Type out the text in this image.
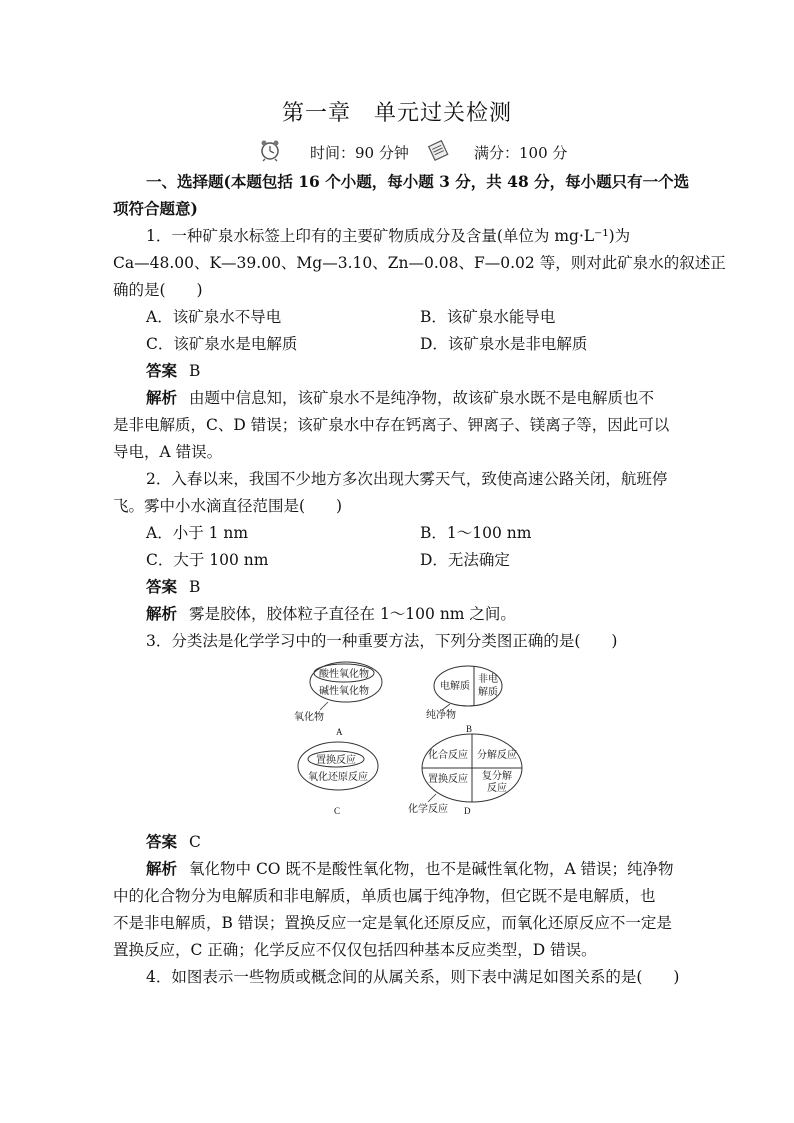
第一章　单元过关检测
时间：90 分钟	满分：100 分
一、选择题(本题包括 16 个小题，每小题 3 分，共 48 分，每小题只有一个选
项符合题意)
1．一种矿泉水标签上印有的主要矿物质成分及含量(单位为 mg·L⁻¹)为
Ca—48.00、K—39.00、Mg—3.10、Zn—0.08、F—0.02 等，则对此矿泉水的叙述正
确的是(　　)
A．该矿泉水不导电	B．该矿泉水能导电
C．该矿泉水是电解质	D．该矿泉水是非电解质
答案 B
解析 由题中信息知，该矿泉水不是纯净物，故该矿泉水既不是电解质也不
是非电解质，C、D 错误；该矿泉水中存在钙离子、钾离子、镁离子等，因此可以
导电，A 错误。
2．入春以来，我国不少地方多次出现大雾天气，致使高速公路关闭，航班停
飞。雾中小水滴直径范围是(　　)
A．小于 1 nm	B．1～100 nm
C．大于 100 nm	D．无法确定
答案 B
解析 雾是胶体，胶体粒子直径在 1～100 nm 之间。
3．分类法是化学学习中的一种重要方法，下列分类图正确的是(　　)
酸性氧化物
碱性氧化物
氧化物
A
电解质
非电
解质
纯净物
B
置换反应
氧化还原反应
C
化合反应 分解反应
置换反应 复分解
反应
化学反应 D
答案 C
解析 氧化物中 CO 既不是酸性氧化物，也不是碱性氧化物，A 错误；纯净物
中的化合物分为电解质和非电解质，单质也属于纯净物，但它既不是电解质，也
不是非电解质，B 错误；置换反应一定是氧化还原反应，而氧化还原反应不一定是
置换反应，C 正确；化学反应不仅仅包括四种基本反应类型，D 错误。
4．如图表示一些物质或概念间的从属关系，则下表中满足如图关系的是(　　)
